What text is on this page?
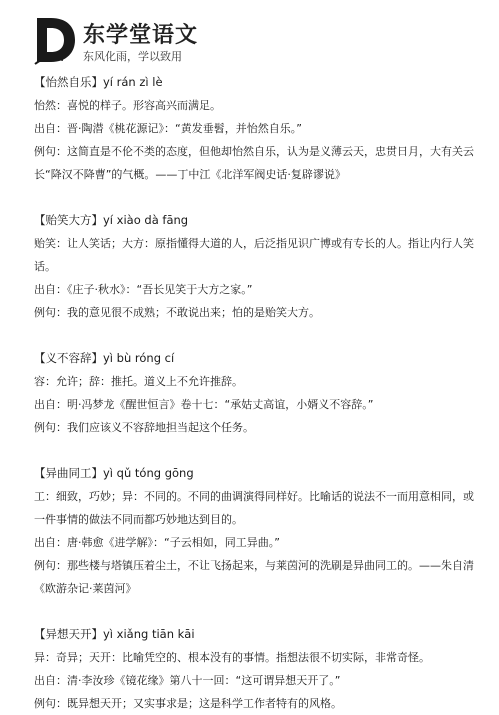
东学堂语文
东风化雨，学以致用
【怡然自乐】yí rán zì lè
怡然：喜悦的样子。形容高兴而满足。
出自：晋·陶潜《桃花源记》：“黄发垂髫，并怡然自乐。”
例句：这简直是不伦不类的态度，但他却怡然自乐，认为是义薄云天，忠贯日月，大有关云长“降汉不降曹”的气概。——丁中江《北洋军阀史话·复辟谬说》
【贻笑大方】yí xiào dà fāng
贻笑：让人笑话；大方：原指懂得大道的人，后泛指见识广博或有专长的人。指让内行人笑话。
出自：《庄子·秋水》：“吾长见笑于大方之家。”
例句：我的意见很不成熟；不敢说出来；怕的是贻笑大方。
【义不容辞】yì bù róng cí
容：允许；辞：推托。道义上不允许推辞。
出自：明·冯梦龙《醒世恒言》卷十七：“承姑丈高谊，小婿义不容辞。”
例句：我们应该义不容辞地担当起这个任务。
【异曲同工】yì qǔ tóng gōng
工：细致，巧妙；异：不同的。不同的曲调演得同样好。比喻话的说法不一而用意相同，或一件事情的做法不同而都巧妙地达到目的。
出自：唐·韩愈《进学解》：“子云相如，同工异曲。”
例句：那些楼与塔镇压着尘土，不让飞扬起来，与莱茵河的洗刷是异曲同工的。——朱自清《欧游杂记·莱茵河》
【异想天开】yì xiǎng tiān kāi
异：奇异；天开：比喻凭空的、根本没有的事情。指想法很不切实际，非常奇怪。
出自：清·李汝珍《镜花缘》第八十一回：“这可谓异想天开了。”
例句：既异想天开；又实事求是；这是科学工作者特有的风格。
